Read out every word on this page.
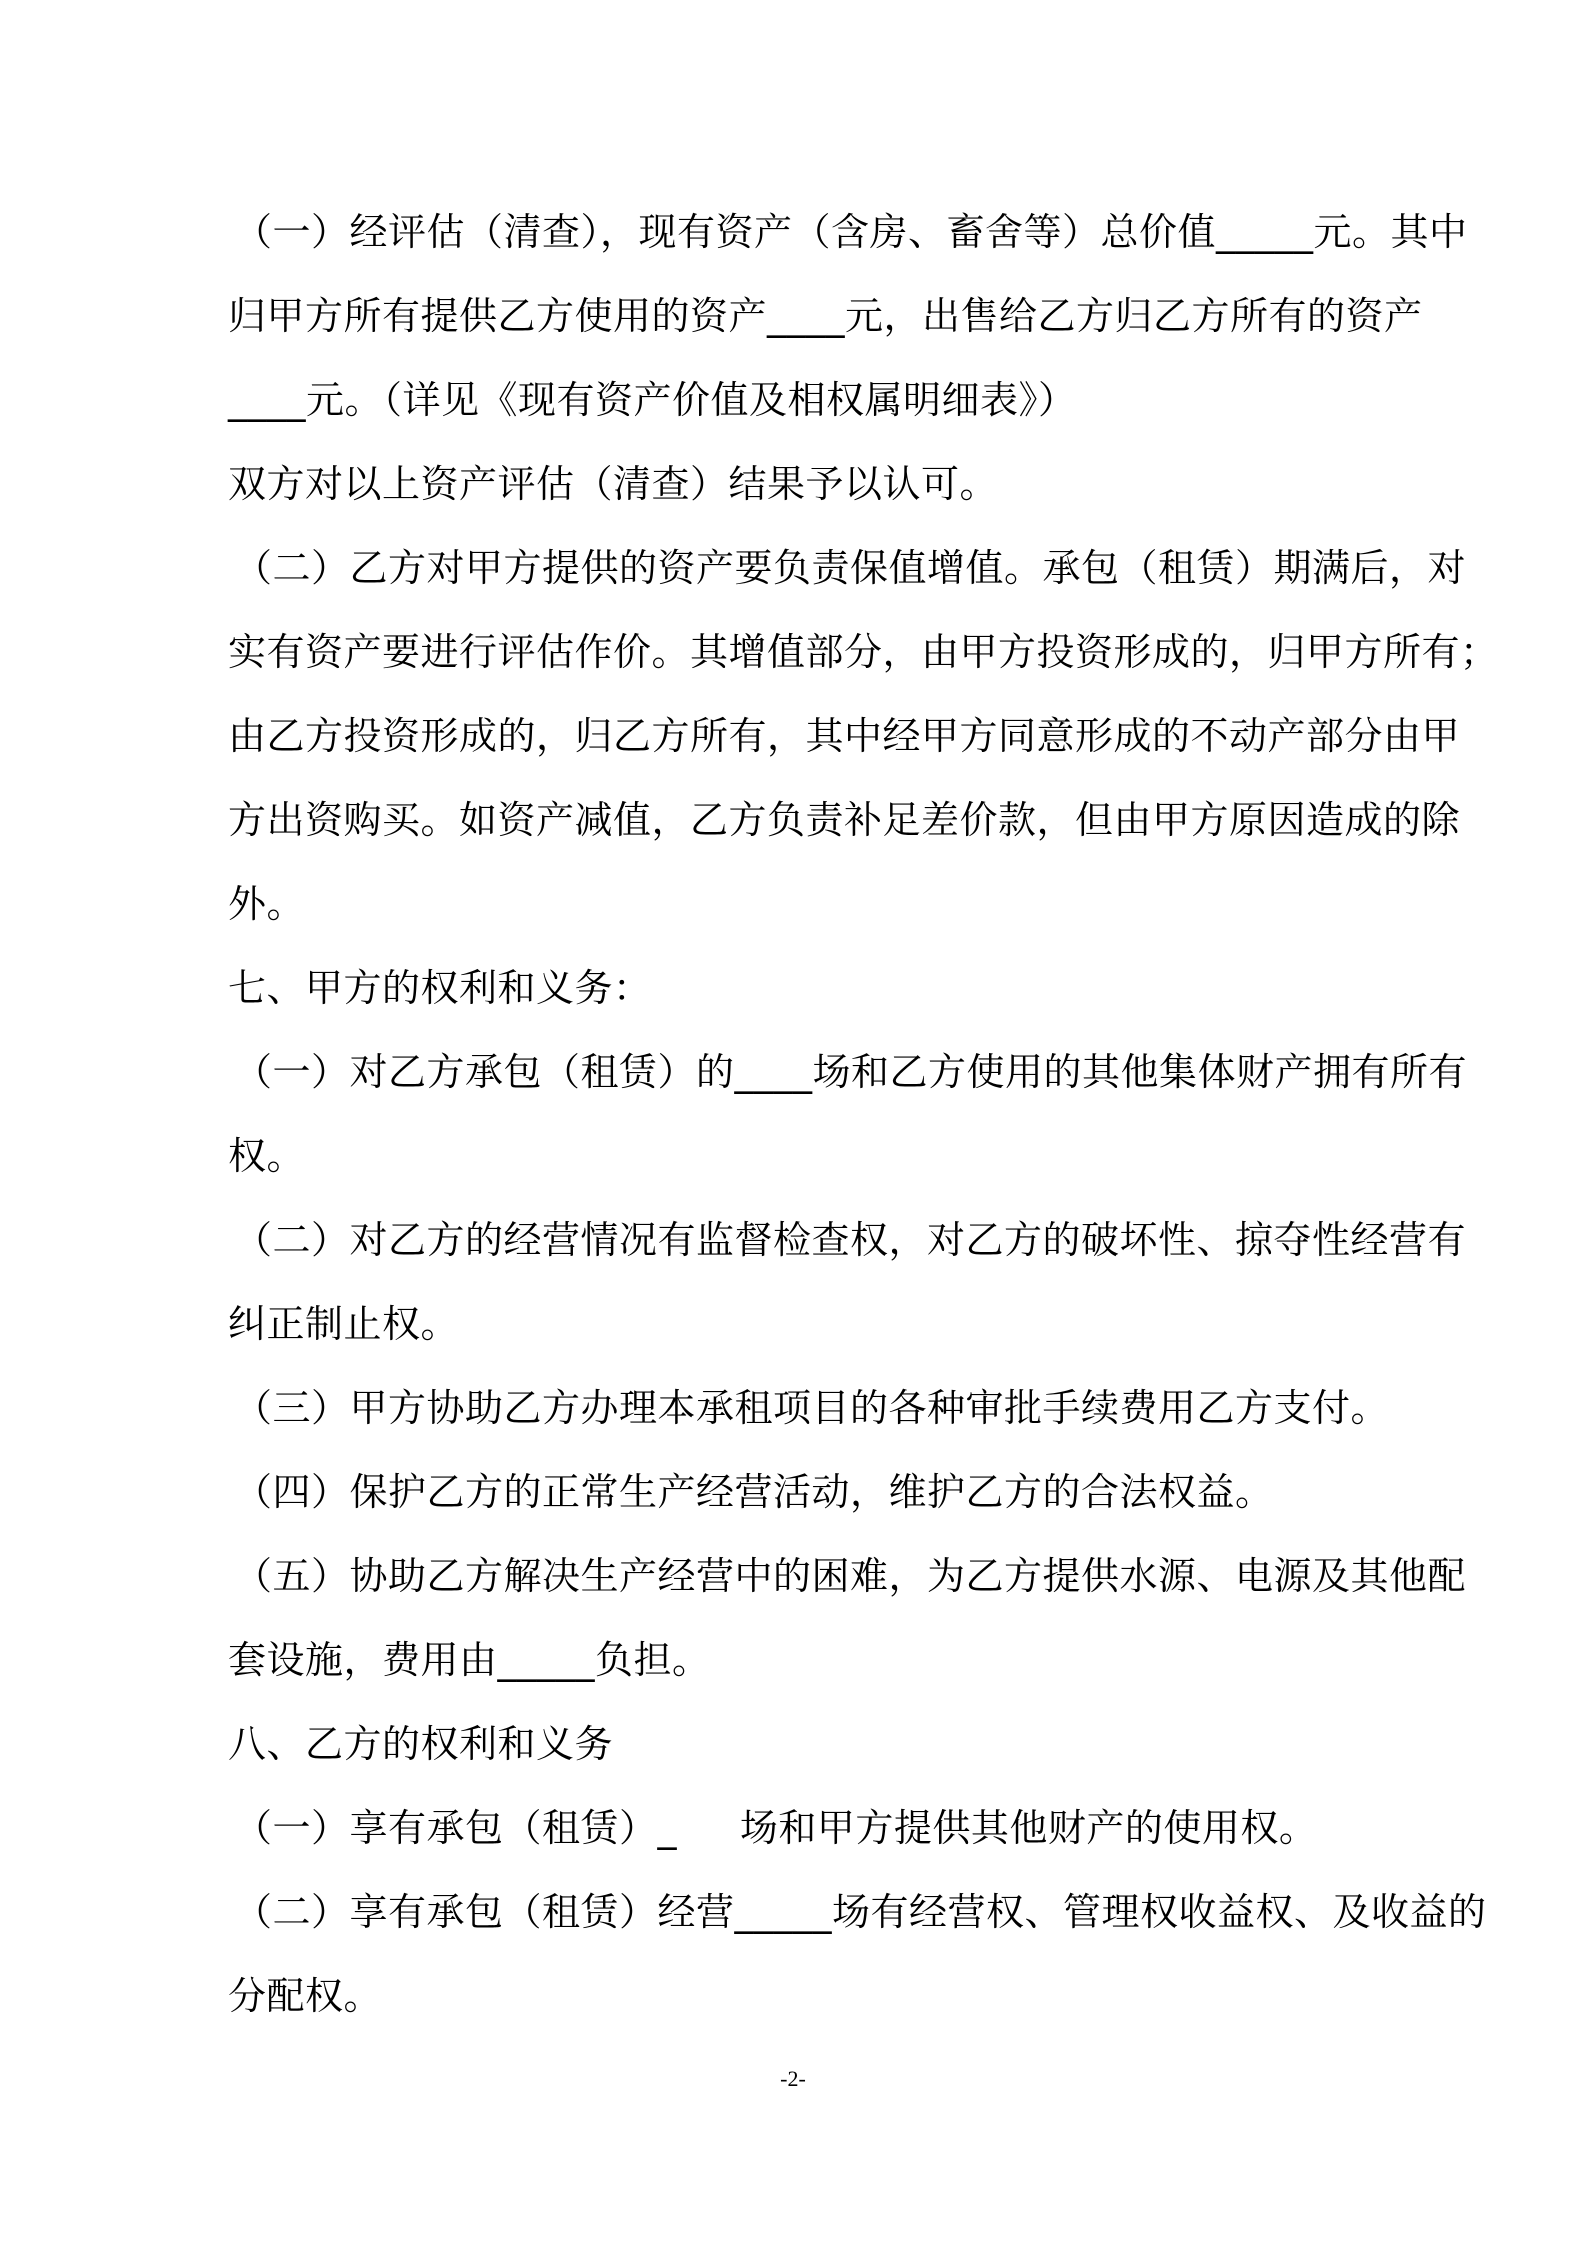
（一）经评估（清查），现有资产（含房、畜舍等）总价值_____元。其中
归甲方所有提供乙方使用的资产____元，出售给乙方归乙方所有的资产
____元。（详见《现有资产价值及相权属明细表》）
双方对以上资产评估（清查）结果予以认可。
（二）乙方对甲方提供的资产要负责保值增值。承包（租赁）期满后，对
实有资产要进行评估作价。其增值部分，由甲方投资形成的，归甲方所有；
由乙方投资形成的，归乙方所有，其中经甲方同意形成的不动产部分由甲
方出资购买。如资产减值，乙方负责补足差价款，但由甲方原因造成的除
外。
七、甲方的权利和义务：
（一）对乙方承包（租赁）的____场和乙方使用的其他集体财产拥有所有
权。
（二）对乙方的经营情况有监督检查权，对乙方的破坏性、掠夺性经营有
纠正制止权。
（三）甲方协助乙方办理本承租项目的各种审批手续费用乙方支付。
（四）保护乙方的正常生产经营活动，维护乙方的合法权益。
（五）协助乙方解决生产经营中的困难，为乙方提供水源、电源及其他配
套设施，费用由_____负担。
八、乙方的权利和义务
（一）享有承包（租赁）_     场和甲方提供其他财产的使用权。
（二）享有承包（租赁）经营_____场有经营权、管理权收益权、及收益的
分配权。
-2-
